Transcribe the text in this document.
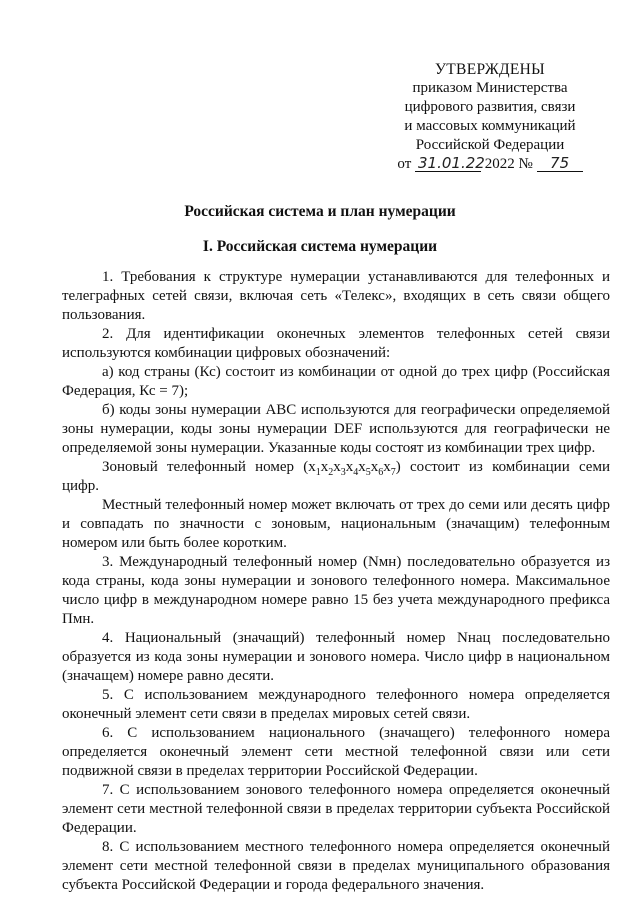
УТВЕРЖДЕНЫ
приказом Министерства
цифрового развития, связи
и массовых коммуникаций
Российской Федерации
от 31.01.22 2022 № 75
Российская система и план нумерации
I. Российская система нумерации

1. Требования к структуре нумерации устанавливаются для телефонных и телеграфных сетей связи, включая сеть «Телекс», входящих в сеть связи общего пользования.

2. Для идентификации оконечных элементов телефонных сетей связи используются комбинации цифровых обозначений:

а) код страны (Кс) состоит из комбинации от одной до трех цифр (Российская Федерация, Кс = 7);

б) коды зоны нумерации ABC используются для географически определяемой зоны нумерации, коды зоны нумерации DEF используются для географически не определяемой зоны нумерации. Указанные коды состоят из комбинации трех цифр.

Зоновый телефонный номер $(x_1x_2x_3x_4x_5x_6x_7)$ состоит из комбинации семи цифр.

Местный телефонный номер может включать от трех до семи или десять цифр и совпадать по значности с зоновым, национальным (значащим) телефонным номером или быть более коротким.

3. Международный телефонный номер (Nмн) последовательно образуется из кода страны, кода зоны нумерации и зонового телефонного номера. Максимальное число цифр в международном номере равно 15 без учета международного префикса Пмн.

4. Национальный (значащий) телефонный номер Nнац последовательно образуется из кода зоны нумерации и зонового номера. Число цифр в национальном (значащем) номере равно десяти.

5. С использованием международного телефонного номера определяется оконечный элемент сети связи в пределах мировых сетей связи.

6. С использованием национального (значащего) телефонного номера определяется оконечный элемент сети местной телефонной связи или сети подвижной связи в пределах территории Российской Федерации.

7. С использованием зонового телефонного номера определяется оконечный элемент сети местной телефонной связи в пределах территории субъекта Российской Федерации.

8. С использованием местного телефонного номера определяется оконечный элемент сети местной телефонной связи в пределах муниципального образования субъекта Российской Федерации и города федерального значения.
